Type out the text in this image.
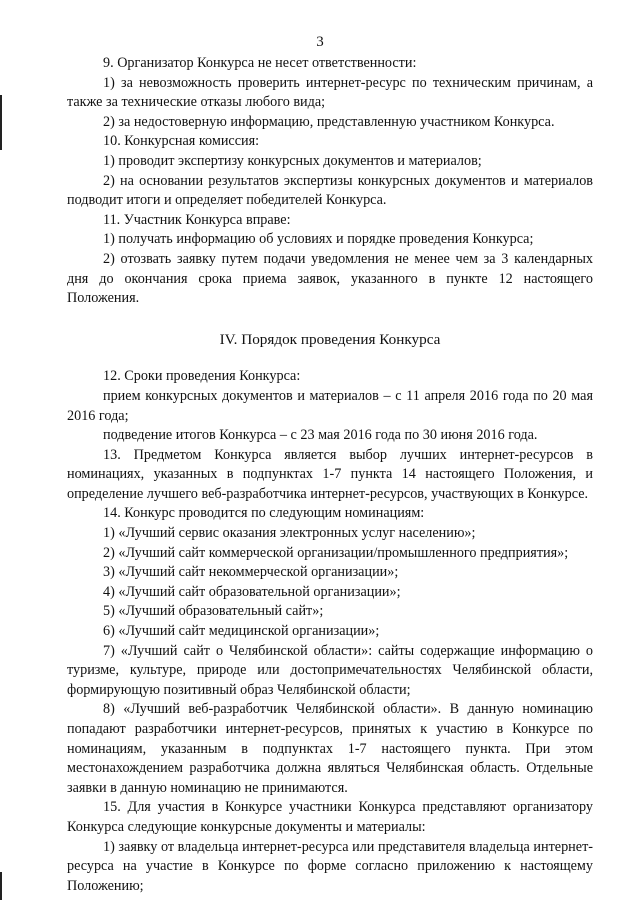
3

9. Организатор Конкурса не несет ответственности:

1) за невозможность проверить интернет-ресурс по техническим причинам, а также за технические отказы любого вида;

2) за недостоверную информацию, представленную участником Конкурса.

10. Конкурсная комиссия:

1) проводит экспертизу конкурсных документов и материалов;

2) на основании результатов экспертизы конкурсных документов и материалов подводит итоги и определяет победителей Конкурса.

11. Участник Конкурса вправе:

1) получать информацию об условиях и порядке проведения Конкурса;

2) отозвать заявку путем подачи уведомления не менее чем за 3 календарных дня до окончания срока приема заявок, указанного в пункте 12 настоящего Положения.

IV. Порядок проведения Конкурса

12. Сроки проведения Конкурса:

прием конкурсных документов и материалов – с 11 апреля 2016 года по 20 мая 2016 года;

подведение итогов Конкурса – с 23 мая 2016 года по 30 июня 2016 года.

13. Предметом Конкурса является выбор лучших интернет-ресурсов в номинациях, указанных в подпунктах 1-7 пункта 14 настоящего Положения, и определение лучшего веб-разработчика интернет-ресурсов, участвующих в Конкурсе.

14. Конкурс проводится по следующим номинациям:

1) «Лучший сервис оказания электронных услуг населению»;

2) «Лучший сайт коммерческой организации/промышленного предприятия»;

3) «Лучший сайт некоммерческой организации»;

4) «Лучший сайт образовательной организации»;

5) «Лучший образовательный сайт»;

6) «Лучший сайт медицинской организации»;

7) «Лучший сайт о Челябинской области»: сайты содержащие информацию о туризме, культуре, природе или достопримечательностях Челябинской области, формирующую позитивный образ Челябинской области;

8) «Лучший веб-разработчик Челябинской области». В данную номинацию попадают разработчики интернет-ресурсов, принятых к участию в Конкурсе по номинациям, указанным в подпунктах 1-7 настоящего пункта. При этом местонахождением разработчика должна являться Челябинская область. Отдельные заявки в данную номинацию не принимаются.

15. Для участия в Конкурсе участники Конкурса представляют организатору Конкурса следующие конкурсные документы и материалы:

1) заявку от владельца интернет-ресурса или представителя владельца интернет-ресурса на участие в Конкурсе по форме согласно приложению к настоящему Положению;
